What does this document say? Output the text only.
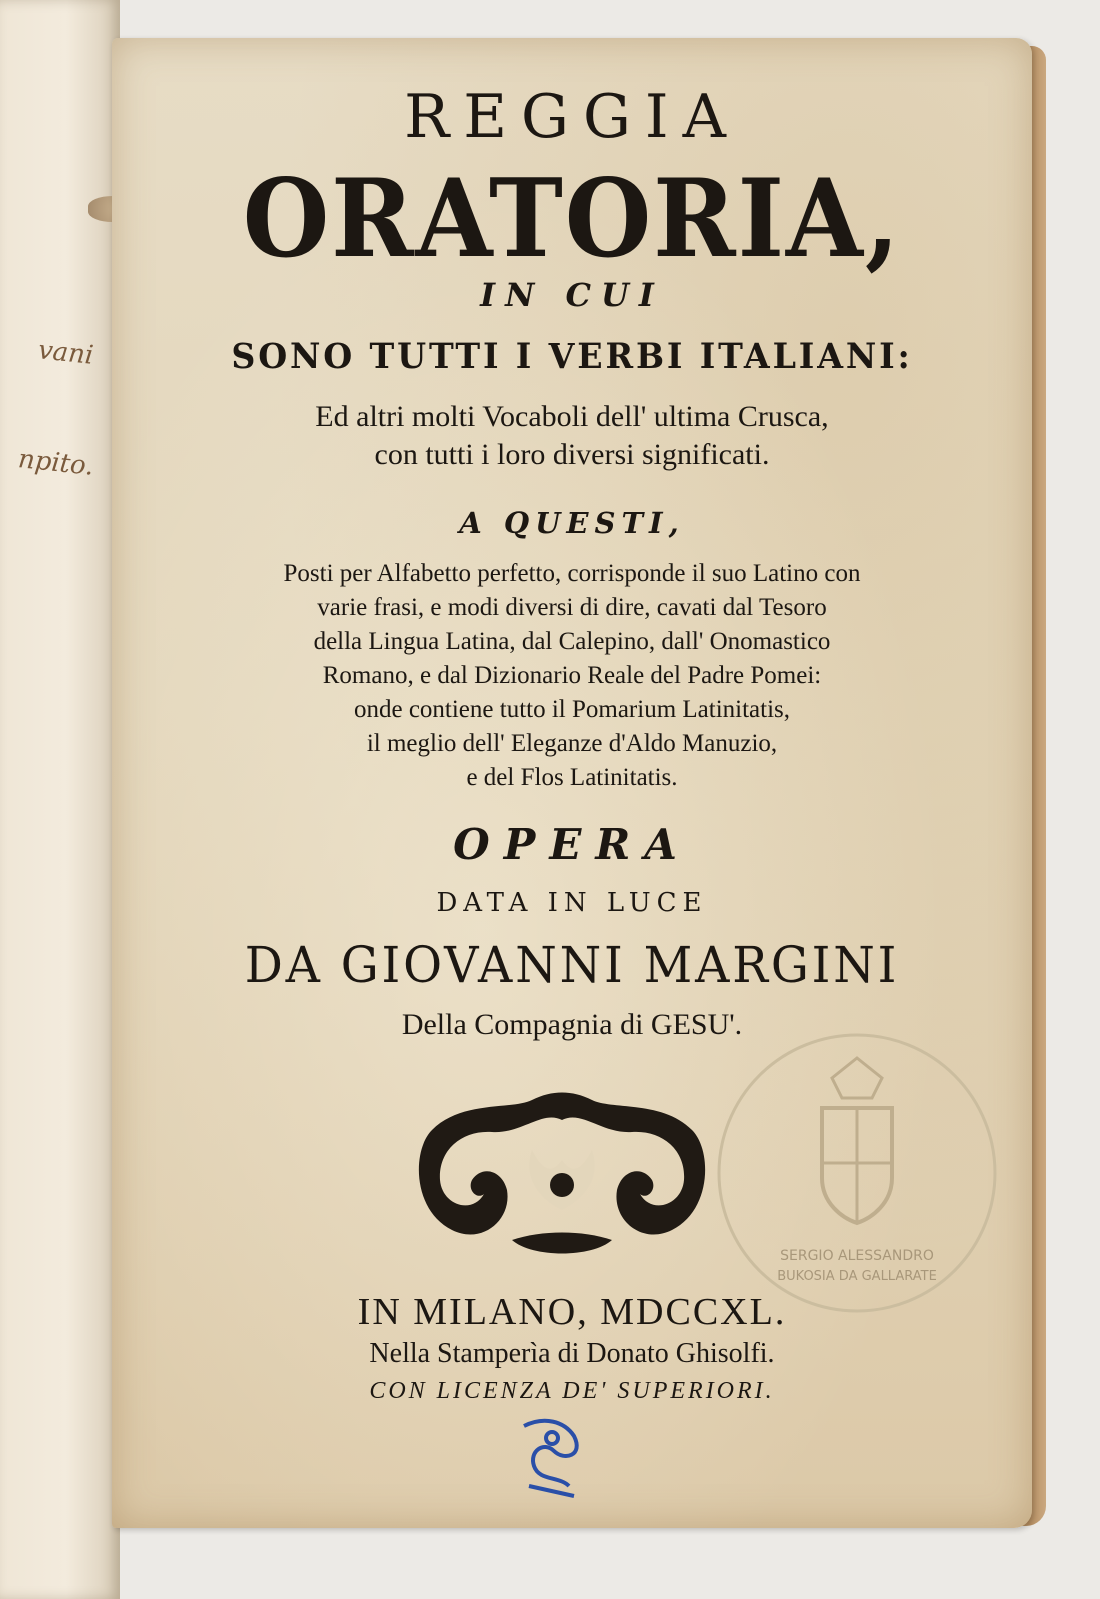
vani
npito.
REGGIA
ORATORIA,
IN CUI
SONO TUTTI I VERBI ITALIANI:
Ed altri molti Vocaboli dell' ultima Crusca,
con tutti i loro diversi significati.
A QUESTI,
Posti per Alfabetto perfetto, corrisponde il suo Latino con
varie frasi, e modi diversi di dire, cavati dal Tesoro
della Lingua Latina, dal Calepino, dall' Onomastico
Romano, e dal Dizionario Reale del Padre Pomei:
onde contiene tutto il Pomarium Latinitatis,
il meglio dell' Eleganze d'Aldo Manuzio,
e del Flos Latinitatis.
OPERA
DATA IN LUCE
DA GIOVANNI MARGINI
Della Compagnia di GESU'.
SERGIO ALESSANDRO
BUKOSIA DA GALLARATE
IN MILANO, MDCCXL.
Nella Stamperìa di Donato Ghisolfi.
CON LICENZA DE' SUPERIORI.
